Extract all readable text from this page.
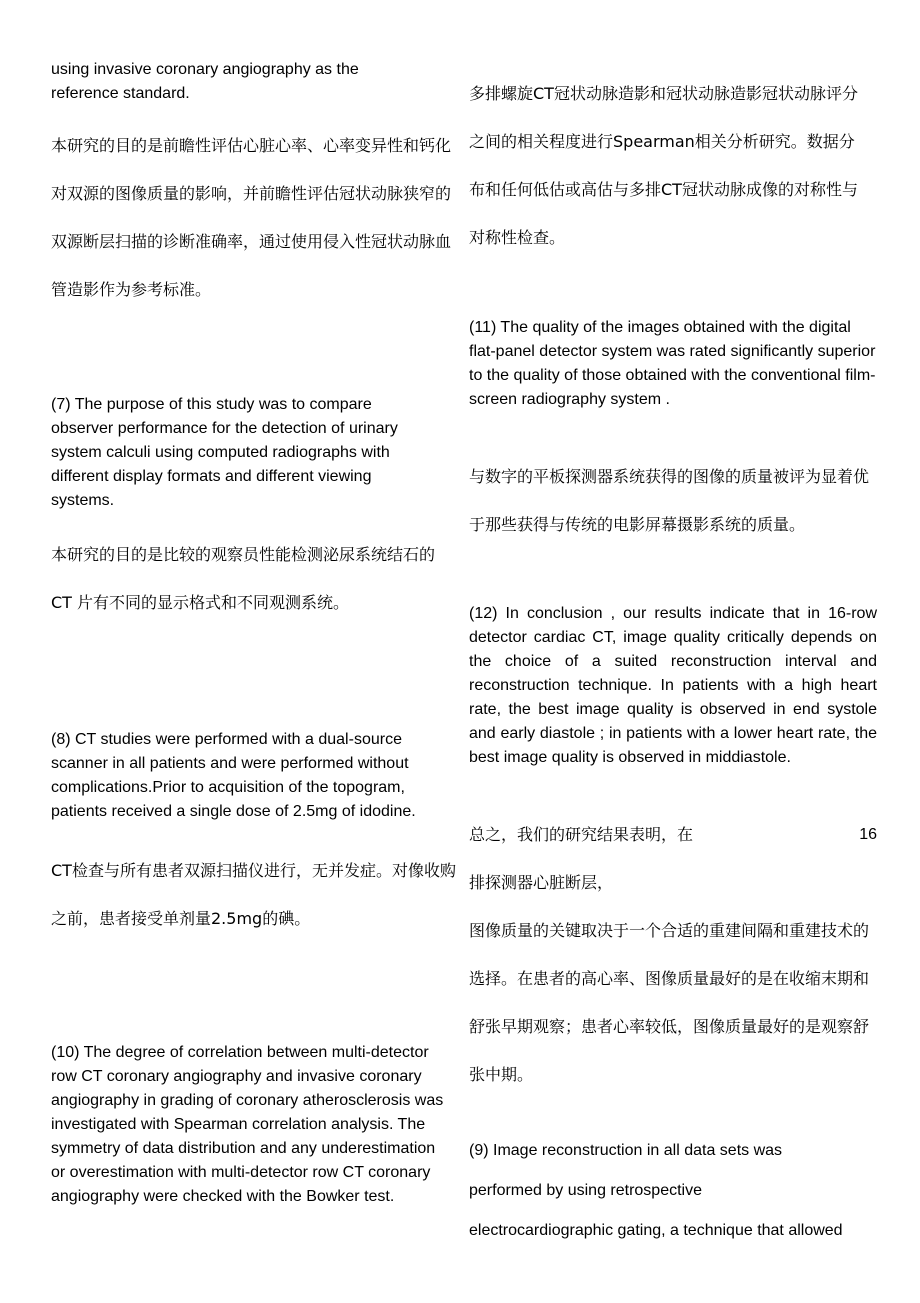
using invasive coronary angiography as the reference standard.

本研究的目的是前瞻性评估心脏心率、心率变异性和钙化对双源的图像质量的影响，并前瞻性评估冠状动脉狭窄的双源断层扫描的诊断准确率，通过使用侵入性冠状动脉血管造影作为参考标准。

(7) The purpose of this study was to compare observer performance for the detection of urinary system calculi using computed radiographs with different display formats and different viewing systems.

本研究的目的是比较的观察员性能检测泌尿系统结石的 CT 片有不同的显示格式和不同观测系统。

(8) CT studies were performed with a dual-source scanner in all patients and were performed without complications.Prior to acquisition of the topogram, patients received a single dose of 2.5mg of idodine.

CT检查与所有患者双源扫描仪进行，无并发症。对像收购之前，患者接受单剂量2.5mg的碘。

(10) The degree of correlation between multi-detector row CT coronary angiography and invasive coronary angiography in grading of coronary atherosclerosis was investigated with Spearman correlation analysis. The symmetry of data distribution and any underestimation or overestimation with multi-detector row CT coronary angiography were checked with the Bowker test.

多排螺旋CT冠状动脉造影和冠状动脉造影冠状动脉评分之间的相关程度进行Spearman相关分析研究。数据分布和任何低估或高估与多排CT冠状动脉成像的对称性与对称性检查。

(11) The quality of the images obtained with the digital flat-panel detector system was rated significantly superior to the quality of those obtained with the conventional film-screen radiography system .

与数字的平板探测器系统获得的图像的质量被评为显着优于那些获得与传统的电影屏幕摄影系统的质量。

(12) In conclusion , our results indicate that in 16-row detector cardiac CT, image quality critically depends on the choice of a suited reconstruction interval and reconstruction technique. In patients with a high heart rate, the best image quality is observed in end systole and early diastole ; in patients with a lower heart rate, the best image quality is observed in middiastole.

总之，我们的研究结果表明，在	16

排探测器心脏断层，

图像质量的关键取决于一个合适的重建间隔和重建技术的选择。在患者的高心率、图像质量最好的是在收缩末期和舒张早期观察；患者心率较低，图像质量最好的是观察舒张中期。

(9) Image reconstruction in all data sets was
performed by using retrospective
electrocardiographic gating, a technique that allowed
